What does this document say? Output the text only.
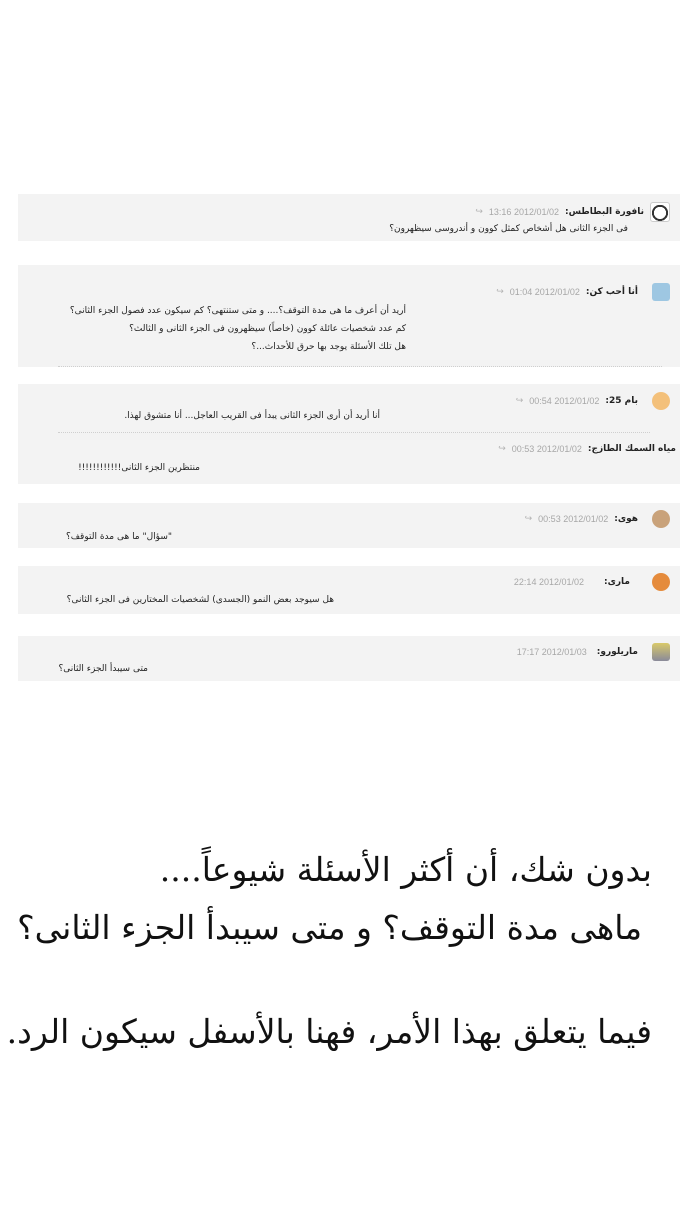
نافورة البطاطس:
2012/01/02 13:16
↪
فى الجزء الثانى هل أشخاص كمثل كوون و أندروسى سيظهرون؟
أنا أحب كن:
2012/01/02 01:04
↪
أريد أن أعرف ما هى مدة التوقف؟.... و متى ستنتهى؟ كم سيكون عدد فصول الجزء الثانى؟
كم عدد شخصيات عائلة كوون (خاصاً) سيظهرون فى الجزء الثانى و الثالث؟
هل تلك الأسئلة يوجد بها حرق للأحداث...؟
بام 25:
2012/01/02 00:54
↪
أنا أريد أن أرى الجزء الثانى يبدأ فى القريب العاجل... أنا متشوق لهذا.
مياه السمك الطازج:
2012/01/02 00:53
↪
منتظرين الجزء الثانى!!!!!!!!!!!!
هوى:
2012/01/02 00:53
↪
"سؤال" ما هى مدة التوقف؟
مارى:
2012/01/02 22:14
هل سيوجد بعض النمو (الجسدى) لشخصيات المختارين فى الجزء الثانى؟
ماريلورو:
2012/01/03 17:17
متى سيبدأ الجزء الثانى؟
بدون شك، أن أكثر الأسئلة شيوعاً....
ماهى مدة التوقف؟ و متى سيبدأ الجزء الثانى؟
فيما يتعلق بهذا الأمر، فهنا بالأسفل سيكون الرد.
